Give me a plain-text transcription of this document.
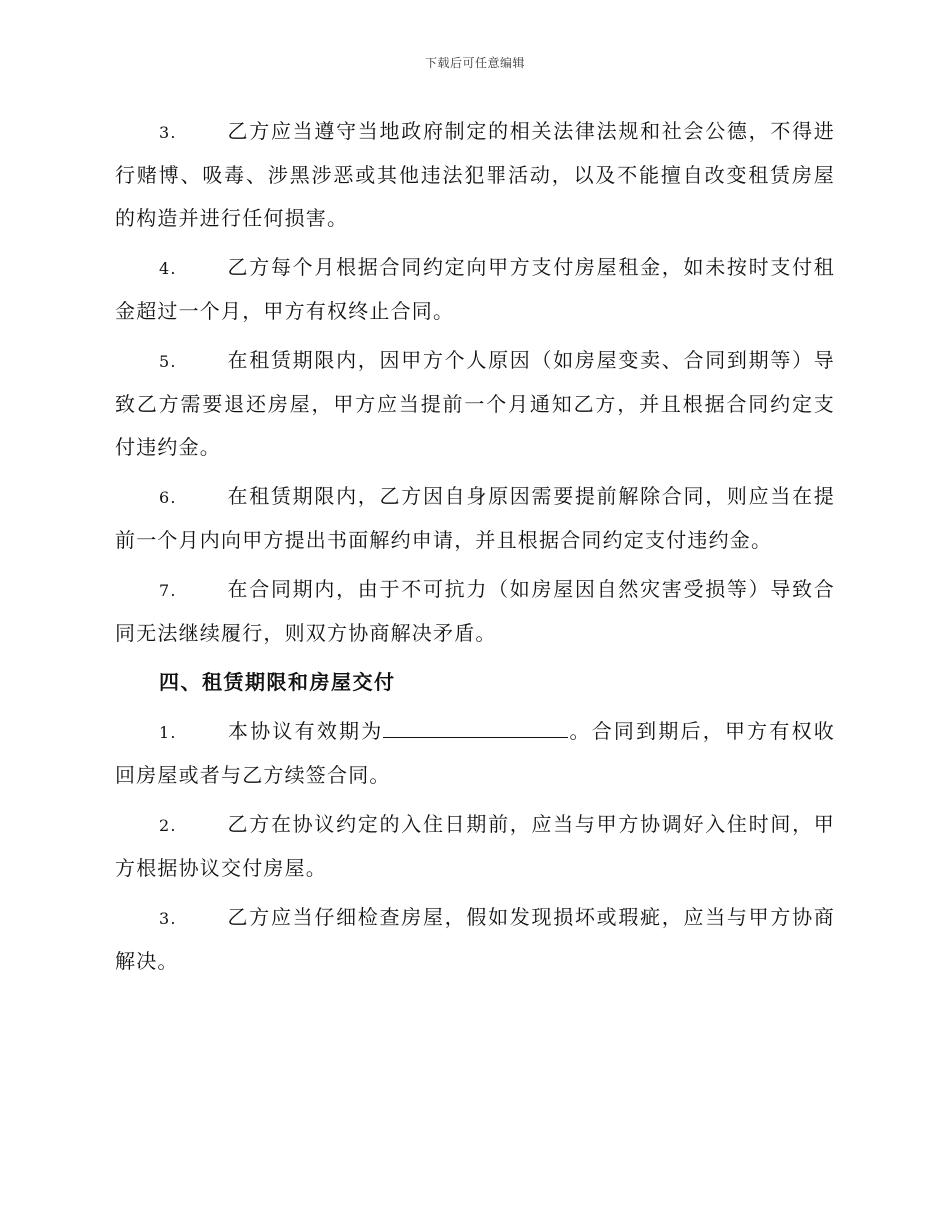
下载后可任意编辑

3.	乙方应当遵守当地政府制定的相关法律法规和社会公德，不得进行赌博、吸毒、涉黑涉恶或其他违法犯罪活动，以及不能擅自改变租赁房屋的构造并进行任何损害。

4.	乙方每个月根据合同约定向甲方支付房屋租金，如未按时支付租金超过一个月，甲方有权终止合同。

5.	在租赁期限内，因甲方个人原因（如房屋变卖、合同到期等）导致乙方需要退还房屋，甲方应当提前一个月通知乙方，并且根据合同约定支付违约金。

6.	在租赁期限内，乙方因自身原因需要提前解除合同，则应当在提前一个月内向甲方提出书面解约申请，并且根据合同约定支付违约金。

7.	在合同期内，由于不可抗力（如房屋因自然灾害受损等）导致合同无法继续履行，则双方协商解决矛盾。

四、租赁期限和房屋交付

1.	本协议有效期为	。合同到期后，甲方有权收回房屋或者与乙方续签合同。

2.	乙方在协议约定的入住日期前，应当与甲方协调好入住时间，甲方根据协议交付房屋。

3.	乙方应当仔细检查房屋，假如发现损坏或瑕疵，应当与甲方协商解决。
